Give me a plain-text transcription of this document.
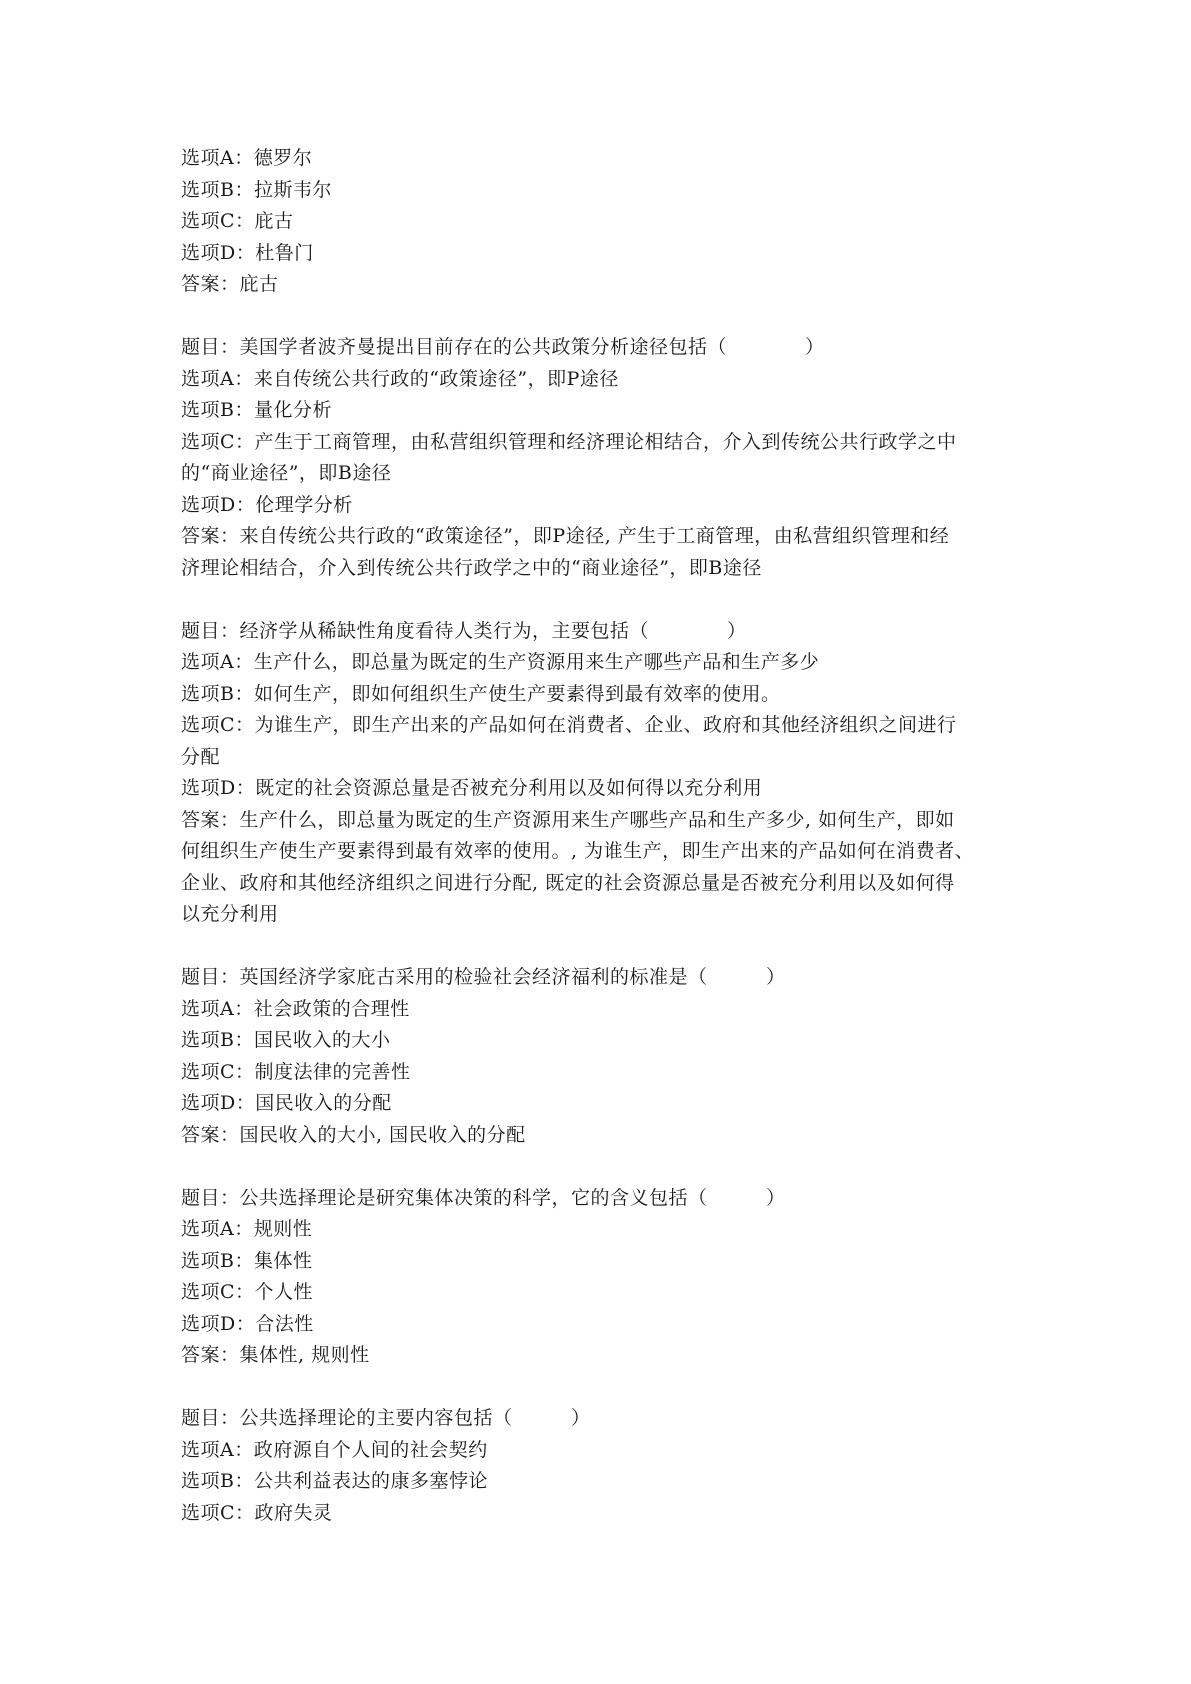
选项A：德罗尔
选项B：拉斯韦尔
选项C：庇古
选项D：杜鲁门
答案：庇古
题目：美国学者波齐曼提出目前存在的公共政策分析途径包括（　　　　）
选项A：来自传统公共行政的“政策途径”，即P途径
选项B：量化分析
选项C：产生于工商管理，由私营组织管理和经济理论相结合，介入到传统公共行政学之中
的“商业途径”，即B途径
选项D：伦理学分析
答案：来自传统公共行政的“政策途径”，即P途径, 产生于工商管理，由私营组织管理和经
济理论相结合，介入到传统公共行政学之中的“商业途径”，即B途径
题目：经济学从稀缺性角度看待人类行为，主要包括（　　　　）
选项A：生产什么，即总量为既定的生产资源用来生产哪些产品和生产多少
选项B：如何生产，即如何组织生产使生产要素得到最有效率的使用。
选项C：为谁生产，即生产出来的产品如何在消费者、企业、政府和其他经济组织之间进行
分配
选项D：既定的社会资源总量是否被充分利用以及如何得以充分利用
答案：生产什么，即总量为既定的生产资源用来生产哪些产品和生产多少, 如何生产，即如
何组织生产使生产要素得到最有效率的使用。, 为谁生产，即生产出来的产品如何在消费者、
企业、政府和其他经济组织之间进行分配, 既定的社会资源总量是否被充分利用以及如何得
以充分利用
题目：英国经济学家庇古采用的检验社会经济福利的标准是（　　　）
选项A：社会政策的合理性
选项B：国民收入的大小
选项C：制度法律的完善性
选项D：国民收入的分配
答案：国民收入的大小, 国民收入的分配
题目：公共选择理论是研究集体决策的科学，它的含义包括（　　　）
选项A：规则性
选项B：集体性
选项C：个人性
选项D：合法性
答案：集体性, 规则性
题目：公共选择理论的主要内容包括（　　　）
选项A：政府源自个人间的社会契约
选项B：公共利益表达的康多塞悖论
选项C：政府失灵
